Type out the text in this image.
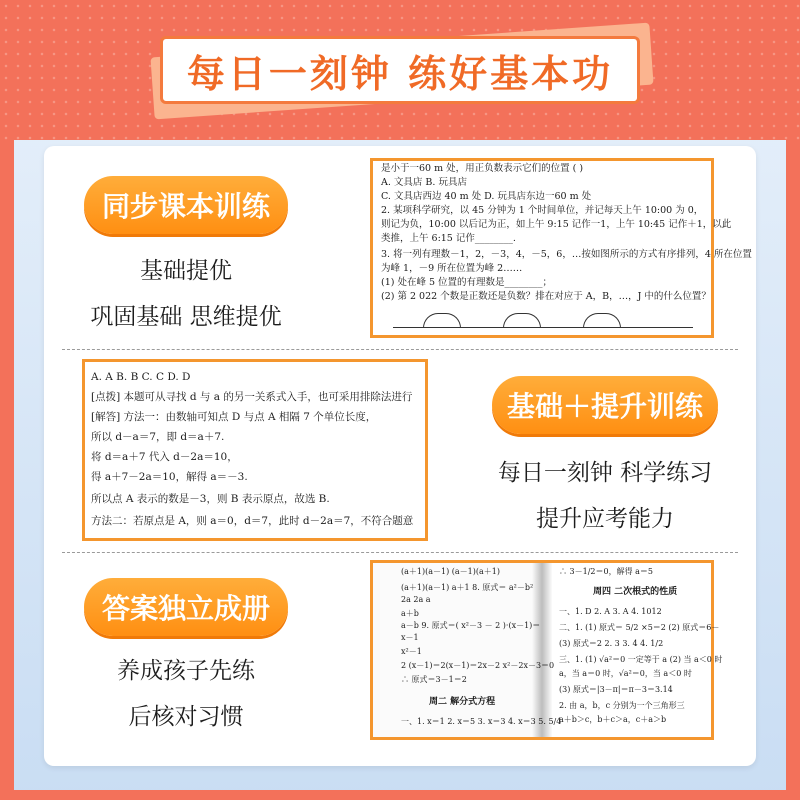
每日一刻钟 练好基本功
同步课本训练
基础提优
巩固基础 思维提优
是小于一60 m 处，用正负数表示它们的位置 ( )
A. 文具店 B. 玩具店
C. 文具店西边 40 m 处 D. 玩具店东边一60 m 处
2. 某项科学研究，以 45 分钟为 1 个时间单位，并记每天上午 10:00 为 0，
则记为负，10:00 以后记为正，如上午 9:15 记作一1，上午 10:45 记作＋1，以此
类推，上午 6:15 记作________.
3. 将一列有理数－1，2，－3，4，－5，6，…按如图所示的方式有序排列，4 所在位置
为峰 1，－9 所在位置为峰 2……
(1) 处在峰 5 位置的有理数是________；
(2) 第 2 022 个数是正数还是负数？排在对应于 A，B，…，J 中的什么位置？
A. A B. B C. C D. D
[点拨] 本题可从寻找 d 与 a 的另一关系式入手，也可采用排除法进行
[解答] 方法一：由数轴可知点 D 与点 A 相隔 7 个单位长度，
所以 d－a＝7，即 d＝a＋7.
将 d＝a＋7 代入 d－2a＝10，
得 a＋7－2a＝10，解得 a＝－3.
所以点 A 表示的数是－3，则 B 表示原点，故选 B.
方法二：若原点是 A，则 a＝0，d＝7，此时 d－2a＝7，不符合题意
基础＋提升训练
每日一刻钟 科学练习
提升应考能力
答案独立成册
养成孩子先练
后核对习惯
(a＋1)(a－1) (a－1)(a＋1)
(a＋1)(a－1) a＋1 8. 原式＝ a²－b²
2a 2a a
a＋b
a－b 9. 原式＝( x²－3 － 2 )·(x－1)＝
x－1
x²－1
2 (x－1)＝2(x－1)＝2x－2 x²－2x－3＝0
∴ 原式＝3－1＝2
周二 解分式方程
一、1. x＝1 2. x＝5 3. x＝3 4. x＝3 5. 5/4
∴ 3－1/2＝0，解得 a＝5
周四 二次根式的性质
一、1. D 2. A 3. A 4. 1012
二、1. (1) 原式＝ 5/2 ×5＝2 (2) 原式＝6－
(3) 原式＝2 2. 3 3. 4 4. 1/2
三、1. (1) √a²＝0 一定等于 a (2) 当 a＜0 时
a，当 a＝0 时，√a²＝0，当 a＜0 时
(3) 原式＝|3－π|＝π－3＝3.14
2. 由 a，b，c 分别为一个三角形三
a＋b＞c，b＋c＞a，c＋a＞b
